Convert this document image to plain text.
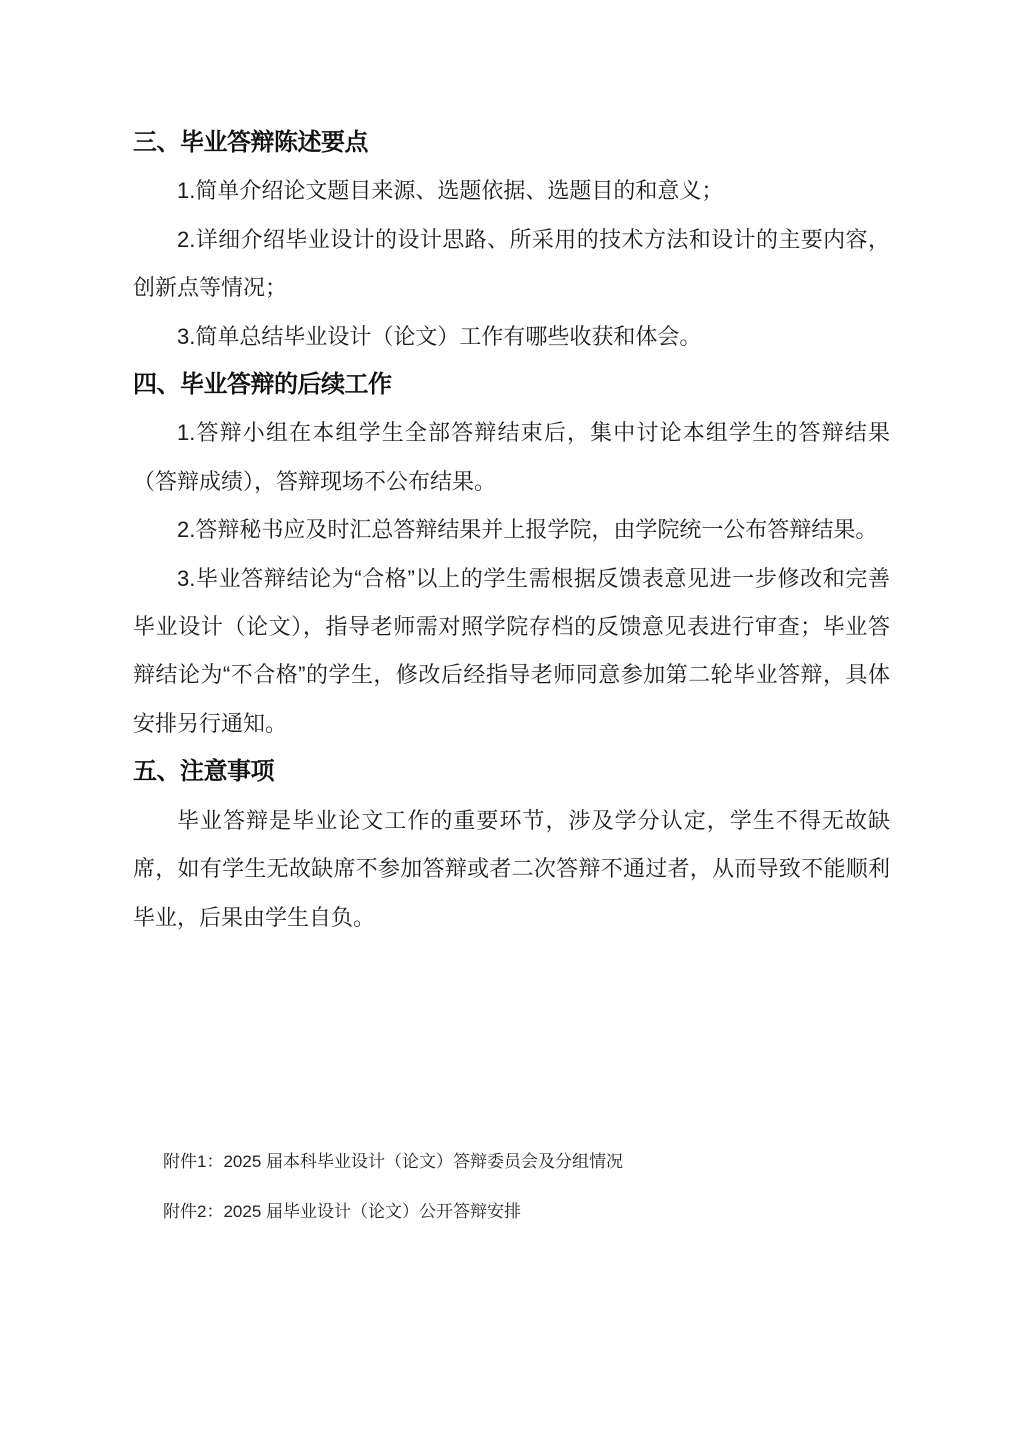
三、毕业答辩陈述要点

1.简单介绍论文题目来源、选题依据、选题目的和意义；

2.详细介绍毕业设计的设计思路、所采用的技术方法和设计的主要内容，创新点等情况；

3.简单总结毕业设计（论文）工作有哪些收获和体会。

四、毕业答辩的后续工作

1.答辩小组在本组学生全部答辩结束后，集中讨论本组学生的答辩结果（答辩成绩），答辩现场不公布结果。

2.答辩秘书应及时汇总答辩结果并上报学院，由学院统一公布答辩结果。

3.毕业答辩结论为“合格”以上的学生需根据反馈表意见进一步修改和完善毕业设计（论文），指导老师需对照学院存档的反馈意见表进行审查；毕业答辩结论为“不合格”的学生，修改后经指导老师同意参加第二轮毕业答辩，具体安排另行通知。

五、注意事项

毕业答辩是毕业论文工作的重要环节，涉及学分认定，学生不得无故缺席，如有学生无故缺席不参加答辩或者二次答辩不通过者，从而导致不能顺利毕业，后果由学生自负。

附件1：2025 届本科毕业设计（论文）答辩委员会及分组情况

附件2：2025 届毕业设计（论文）公开答辩安排
